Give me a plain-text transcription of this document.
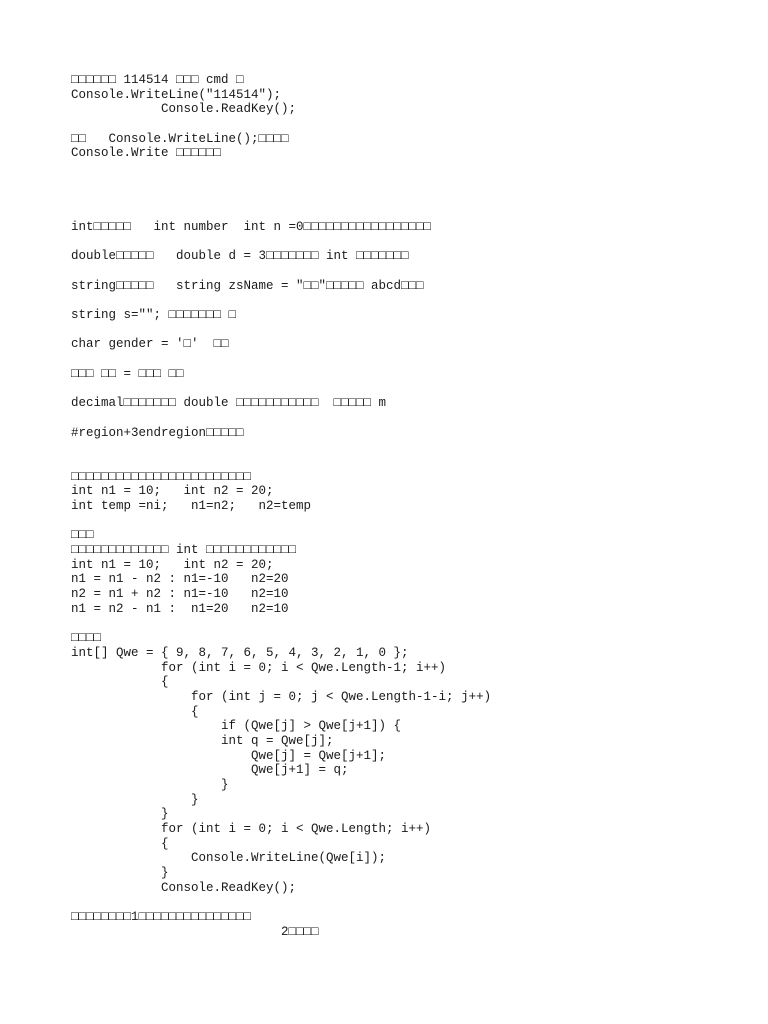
□□□□□□ 114514 □□□ cmd □
Console.WriteLine("114514");
Console.ReadKey();
□□   Console.WriteLine();□□□□
Console.Write □□□□□□
int□□□□□   int number  int n =0□□□□□□□□□□□□□□□□□
double□□□□□   double d = 3□□□□□□□ int □□□□□□□
string□□□□□   string zsName = "□□"□□□□□ abcd□□□
string s=""; □□□□□□□ □
char gender = '□'  □□
□□□ □□ = □□□ □□
decimal□□□□□□□ double □□□□□□□□□□□  □□□□□ m
#region+3endregion□□□□□
□□□□□□□□□□□□□□□□□□□□□□□□
int n1 = 10;   int n2 = 20;
int temp =ni;   n1=n2;   n2=temp
□□□
□□□□□□□□□□□□□ int □□□□□□□□□□□□
int n1 = 10;   int n2 = 20;
n1 = n1 - n2 : n1=-10   n2=20
n2 = n1 + n2 : n1=-10   n2=10
n1 = n2 - n1 :  n1=20   n2=10
□□□□
int[] Qwe = { 9, 8, 7, 6, 5, 4, 3, 2, 1, 0 };
for (int i = 0; i < Qwe.Length-1; i++)
{
for (int j = 0; j < Qwe.Length-1-i; j++)
{
if (Qwe[j] > Qwe[j+1]) {
int q = Qwe[j];
Qwe[j] = Qwe[j+1];
Qwe[j+1] = q;
}
}
}
for (int i = 0; i < Qwe.Length; i++)
{
Console.WriteLine(Qwe[i]);
}
Console.ReadKey();
□□□□□□□□1□□□□□□□□□□□□□□□
2□□□□
